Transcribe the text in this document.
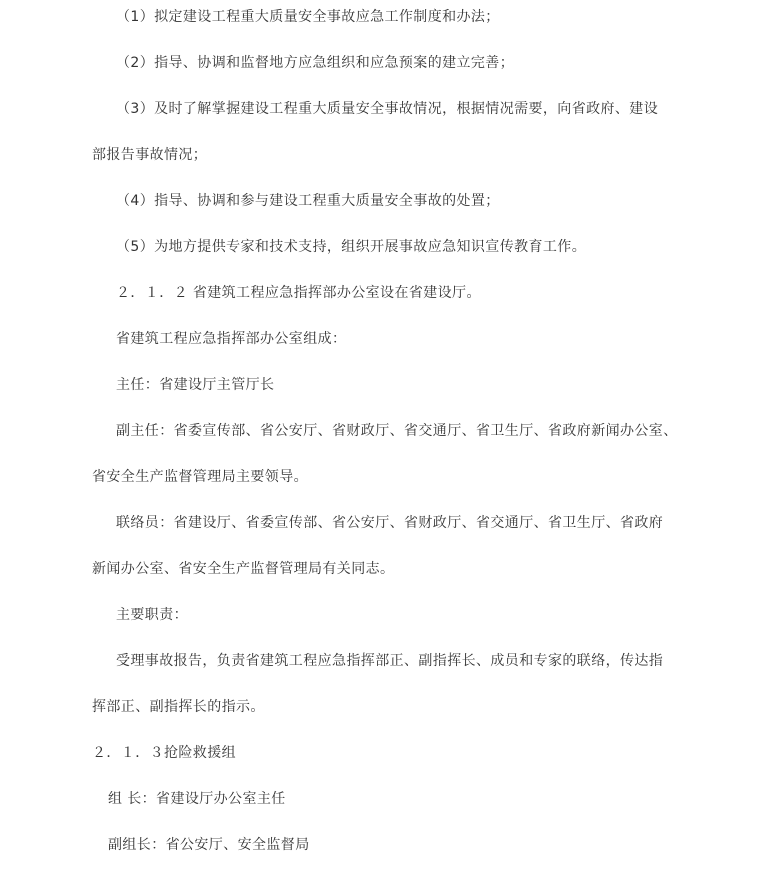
（1）拟定建设工程重大质量安全事故应急工作制度和办法；
（2）指导、协调和监督地方应急组织和应急预案的建立完善；
（3）及时了解掌握建设工程重大质量安全事故情况，根据情况需要，向省政府、建设
部报告事故情况；
（4）指导、协调和参与建设工程重大质量安全事故的处置；
（5）为地方提供专家和技术支持，组织开展事故应急知识宣传教育工作。
２．１．２ 省建筑工程应急指挥部办公室设在省建设厅。
省建筑工程应急指挥部办公室组成：
主任：省建设厅主管厅长
副主任：省委宣传部、省公安厅、省财政厅、省交通厅、省卫生厅、省政府新闻办公室、
省安全生产监督管理局主要领导。
联络员：省建设厅、省委宣传部、省公安厅、省财政厅、省交通厅、省卫生厅、省政府
新闻办公室、省安全生产监督管理局有关同志。
主要职责：
受理事故报告，负责省建筑工程应急指挥部正、副指挥长、成员和专家的联络，传达指
挥部正、副指挥长的指示。
２．１．３抢险救援组
组 长：省建设厅办公室主任
副组长：省公安厅、安全监督局
